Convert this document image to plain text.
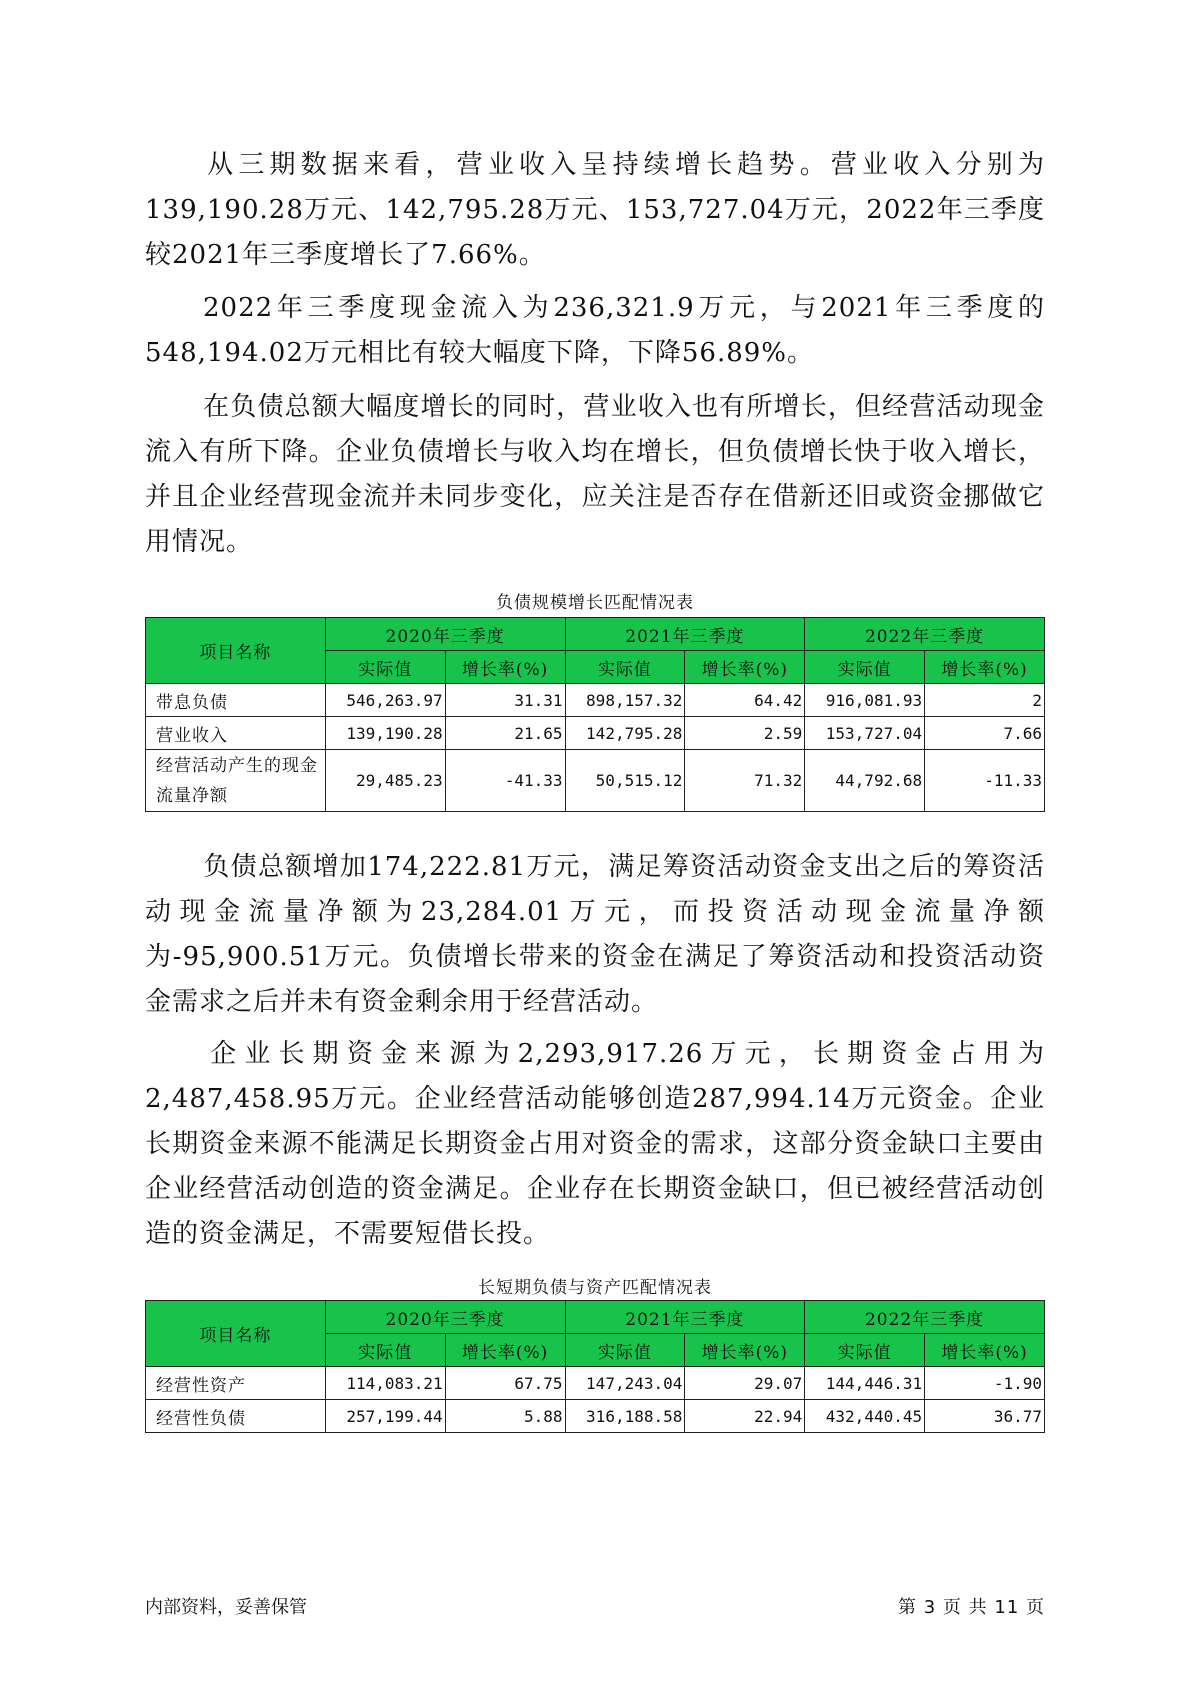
从三期数据来看，营业收入呈持续增长趋势。营业收入分别为139,190.28万元、142,795.28万元、153,727.04万元，2022年三季度较2021年三季度增长了7.66%。

2022年三季度现金流入为236,321.9万元，与2021年三季度的548,194.02万元相比有较大幅度下降，下降56.89%。

在负债总额大幅度增长的同时，营业收入也有所增长，但经营活动现金流入有所下降。企业负债增长与收入均在增长，但负债增长快于收入增长，并且企业经营现金流并未同步变化，应关注是否存在借新还旧或资金挪做它用情况。

负债规模增长匹配情况表
项目名称	2020年三季度		2021年三季度		2022年三季度	
	实际值	增长率(%)	实际值	增长率(%)	实际值	增长率(%)
带息负债	546,263.97	31.31	898,157.32	64.42	916,081.93	2
营业收入	139,190.28	21.65	142,795.28	2.59	153,727.04	7.66
经营活动产生的现金流量净额	29,485.23	-41.33	50,515.12	71.32	44,792.68	-11.33

负债总额增加174,222.81万元，满足筹资活动资金支出之后的筹资活动现金流量净额为23,284.01万元，而投资活动现金流量净额为-95,900.51万元。负债增长带来的资金在满足了筹资活动和投资活动资金需求之后并未有资金剩余用于经营活动。

企业长期资金来源为2,293,917.26万元，长期资金占用为2,487,458.95万元。企业经营活动能够创造287,994.14万元资金。企业长期资金来源不能满足长期资金占用对资金的需求，这部分资金缺口主要由企业经营活动创造的资金满足。企业存在长期资金缺口，但已被经营活动创造的资金满足，不需要短借长投。

长短期负债与资产匹配情况表
项目名称	2020年三季度		2021年三季度		2022年三季度	
	实际值	增长率(%)	实际值	增长率(%)	实际值	增长率(%)
经营性资产	114,083.21	67.75	147,243.04	29.07	144,446.31	-1.90
经营性负债	257,199.44	5.88	316,188.58	22.94	432,440.45	36.77
内部资料，妥善保管	第 3 页 共 11 页
